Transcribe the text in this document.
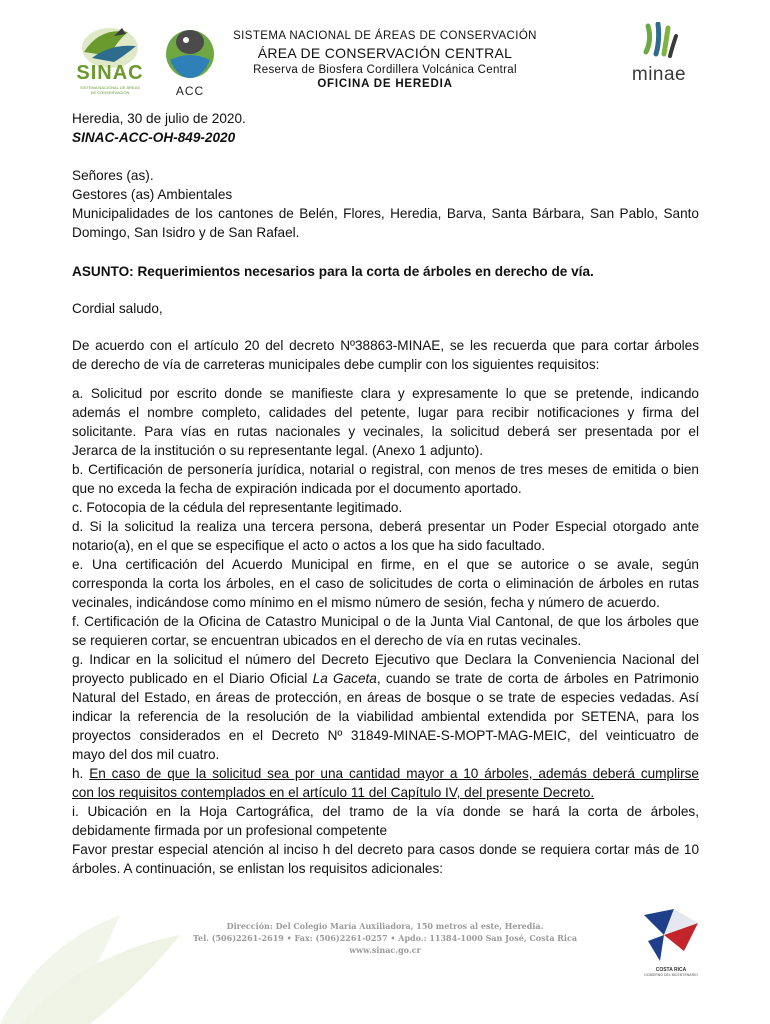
SINAC
SISTEMA NACIONAL DE ÁREAS DE CONSERVACIÓN	ACC
minae
SISTEMA NACIONAL DE ÁREAS DE CONSERVACIÓN
ÁREA DE CONSERVACIÓN CENTRAL
Reserva de Biosfera Cordillera Volcánica Central
OFICINA DE HEREDIA
Heredia, 30 de julio de 2020.
SINAC-ACC-OH-849-2020
Señores (as).
Gestores (as) Ambientales
Municipalidades de los cantones de Belén, Flores, Heredia, Barva, Santa Bárbara, San Pablo, Santo
Domingo, San Isidro y de San Rafael.
ASUNTO: Requerimientos necesarios para la corta de árboles en derecho de vía.
Cordial saludo,
De acuerdo con el artículo 20 del decreto Nº38863-MINAE, se les recuerda que para cortar árboles
de derecho de vía de carreteras municipales debe cumplir con los siguientes requisitos:
a. Solicitud por escrito donde se manifieste clara y expresamente lo que se pretende, indicando
además el nombre completo, calidades del petente, lugar para recibir notificaciones y firma del
solicitante. Para vías en rutas nacionales y vecinales, la solicitud deberá ser presentada por el
Jerarca de la institución o su representante legal. (Anexo 1 adjunto).
b. Certificación de personería jurídica, notarial o registral, con menos de tres meses de emitida o bien
que no exceda la fecha de expiración indicada por el documento aportado.
c. Fotocopia de la cédula del representante legitimado.
d. Si la solicitud la realiza una tercera persona, deberá presentar un Poder Especial otorgado ante
notario(a), en el que se especifique el acto o actos a los que ha sido facultado.
e. Una certificación del Acuerdo Municipal en firme, en el que se autorice o se avale, según
corresponda la corta los árboles, en el caso de solicitudes de corta o eliminación de árboles en rutas
vecinales, indicándose como mínimo en el mismo número de sesión, fecha y número de acuerdo.
f. Certificación de la Oficina de Catastro Municipal o de la Junta Vial Cantonal, de que los árboles que
se requieren cortar, se encuentran ubicados en el derecho de vía en rutas vecinales.
g. Indicar en la solicitud el número del Decreto Ejecutivo que Declara la Conveniencia Nacional del
proyecto publicado en el Diario Oficial La Gaceta, cuando se trate de corta de árboles en Patrimonio
Natural del Estado, en áreas de protección, en áreas de bosque o se trate de especies vedadas. Así
indicar la referencia de la resolución de la viabilidad ambiental extendida por SETENA, para los
proyectos considerados en el Decreto Nº 31849-MINAE-S-MOPT-MAG-MEIC, del veinticuatro de
mayo del dos mil cuatro.
h. En caso de que la solicitud sea por una cantidad mayor a 10 árboles, además deberá cumplirse
con los requisitos contemplados en el artículo 11 del Capítulo IV, del presente Decreto.
i. Ubicación en la Hoja Cartográfica, del tramo de la vía donde se hará la corta de árboles,
debidamente firmada por un profesional competente
Favor prestar especial atención al inciso h del decreto para casos donde se requiera cortar más de 10
árboles. A continuación, se enlistan los requisitos adicionales:
Dirección: Del Colegio María Auxiliadora, 150 metros al este, Heredia.
Tel. (506)2261-2619 • Fax: (506)2261-0257 • Apdo.: 11384-1000 San José, Costa Rica
www.sinac.go.cr
COSTA RICA
GOBIERNO DEL BICENTENARIO
